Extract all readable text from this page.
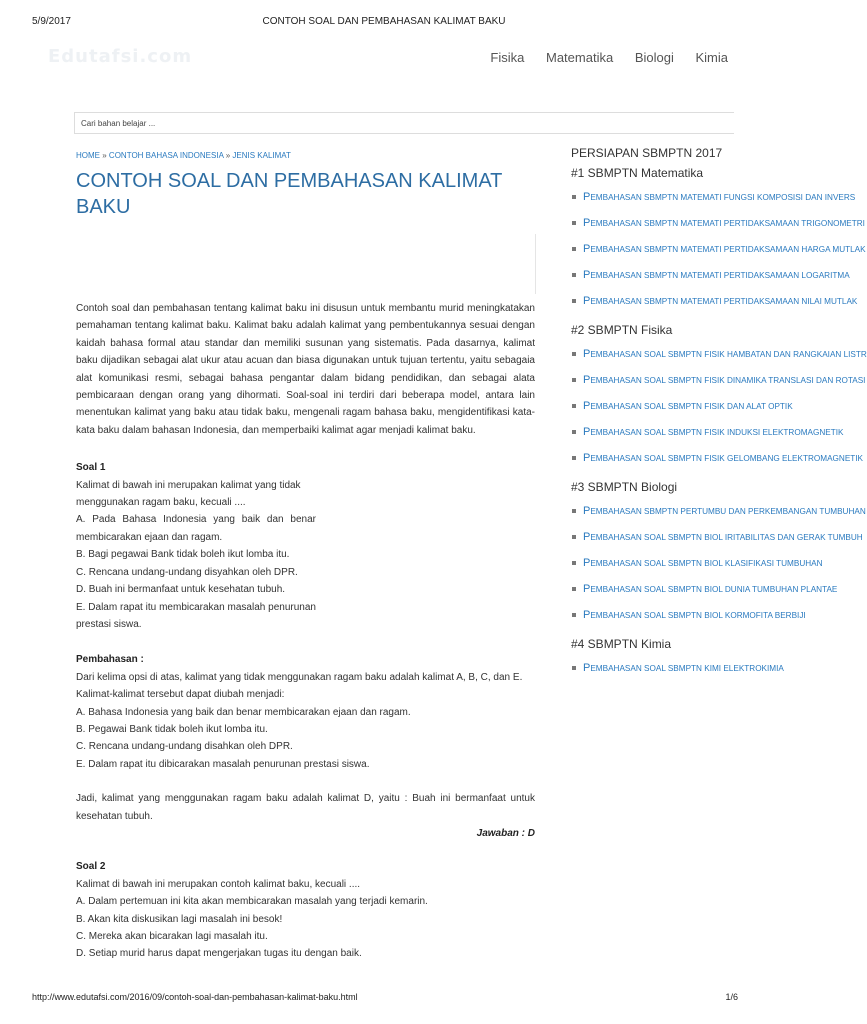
5/9/2017	CONTOH SOAL DAN PEMBAHASAN KALIMAT BAKU
Edutafsi.com	Fisika Matematika Biologi Kimia
Cari bahan belajar ...
HOME » CONTOH BAHASA INDONESIA » JENIS KALIMAT
CONTOH SOAL DAN PEMBAHASAN KALIMAT BAKU

Contoh soal dan pembahasan tentang kalimat baku ini disusun untuk membantu murid meningkatakan pemahaman tentang kalimat baku. Kalimat baku adalah kalimat yang pembentukannya sesuai dengan kaidah bahasa formal atau standar dan memiliki susunan yang sistematis. Pada dasarnya, kalimat baku dijadikan sebagai alat ukur atau acuan dan biasa digunakan untuk tujuan tertentu, yaitu sebagaia alat komunikasi resmi, sebagai bahasa pengantar dalam bidang pendidikan, dan sebagai alata pembicaraan dengan orang yang dihormati. Soal-soal ini terdiri dari beberapa model, antara lain menentukan kalimat yang baku atau tidak baku, mengenali ragam bahasa baku, mengidentifikasi kata-kata baku dalam bahasan Indonesia, dan memperbaiki kalimat agar menjadi kalimat baku.

Soal 1

Kalimat di bawah ini merupakan kalimat yang tidak menggunakan ragam baku, kecuali ....

A. Pada Bahasa Indonesia yang baik dan benar membicarakan ejaan dan ragam.

B. Bagi pegawai Bank tidak boleh ikut lomba itu.

C. Rencana undang-undang disyahkan oleh DPR.

D. Buah ini bermanfaat untuk kesehatan tubuh.

E. Dalam rapat itu membicarakan masalah penurunan prestasi siswa.

Pembahasan :

Dari kelima opsi di atas, kalimat yang tidak menggunakan ragam baku adalah kalimat A, B, C, dan E. Kalimat-kalimat tersebut dapat diubah menjadi:

A. Bahasa Indonesia yang baik dan benar membicarakan ejaan dan ragam.

B. Pegawai Bank tidak boleh ikut lomba itu.

C. Rencana undang-undang disahkan oleh DPR.

E. Dalam rapat itu dibicarakan masalah penurunan prestasi siswa.

Jadi, kalimat yang menggunakan ragam baku adalah kalimat D, yaitu : Buah ini bermanfaat untuk kesehatan tubuh.

Jawaban : D

Soal 2

Kalimat di bawah ini merupakan contoh kalimat baku, kecuali ....

A. Dalam pertemuan ini kita akan membicarakan masalah yang terjadi kemarin.

B. Akan kita diskusikan lagi masalah ini besok!

C. Mereka akan bicarakan lagi masalah itu.

D. Setiap murid harus dapat mengerjakan tugas itu dengan baik.

PERSIAPAN SBMPTN 2017

#1 SBMPTN Matematika

PEMBAHASAN SBMPTN MATEMATI FUNGSI KOMPOSISI DAN INVERS
PEMBAHASAN SBMPTN MATEMATI PERTIDAKSAMAAN TRIGONOMETRI
PEMBAHASAN SBMPTN MATEMATI PERTIDAKSAMAAN HARGA MUTLAK
PEMBAHASAN SBMPTN MATEMATI PERTIDAKSAMAAN LOGARITMA
PEMBAHASAN SBMPTN MATEMATI PERTIDAKSAMAAN NILAI MUTLAK

#2 SBMPTN Fisika

PEMBAHASAN SOAL SBMPTN FISIK HAMBATAN DAN RANGKAIAN LISTR
PEMBAHASAN SOAL SBMPTN FISIK DINAMIKA TRANSLASI DAN ROTASI
PEMBAHASAN SOAL SBMPTN FISIK DAN ALAT OPTIK
PEMBAHASAN SOAL SBMPTN FISIK INDUKSI ELEKTROMAGNETIK
PEMBAHASAN SOAL SBMPTN FISIK GELOMBANG ELEKTROMAGNETIK

#3 SBMPTN Biologi

PEMBAHASAN SBMPTN PERTUMBU DAN PERKEMBANGAN TUMBUHAN
PEMBAHASAN SOAL SBMPTN BIOL IRITABILITAS DAN GERAK TUMBUH
PEMBAHASAN SOAL SBMPTN BIOL KLASIFIKASI TUMBUHAN
PEMBAHASAN SOAL SBMPTN BIOL DUNIA TUMBUHAN PLANTAE
PEMBAHASAN SOAL SBMPTN BIOL KORMOFITA BERBIJI

#4 SBMPTN Kimia

PEMBAHASAN SOAL SBMPTN KIMI ELEKTROKIMIA
http://www.edutafsi.com/2016/09/contoh-soal-dan-pembahasan-kalimat-baku.html	1/6
